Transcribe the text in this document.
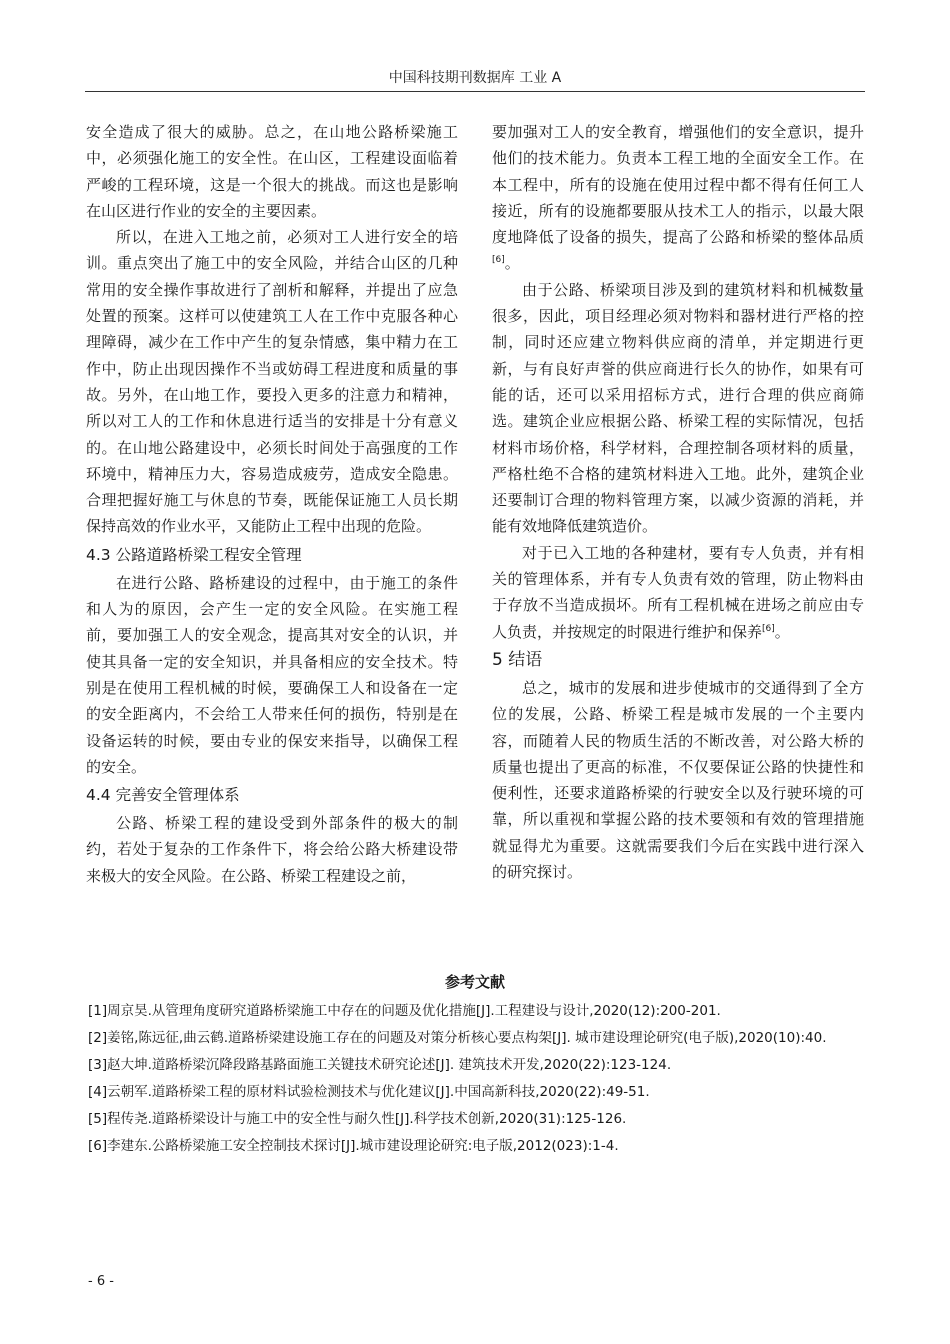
中国科技期刊数据库 工业 A

安全造成了很大的威胁。总之，在山地公路桥梁施工中，必须强化施工的安全性。在山区，工程建设面临着严峻的工程环境，这是一个很大的挑战。而这也是影响在山区进行作业的安全的主要因素。

所以，在进入工地之前，必须对工人进行安全的培训。重点突出了施工中的安全风险，并结合山区的几种常用的安全操作事故进行了剖析和解释，并提出了应急处置的预案。这样可以使建筑工人在工作中克服各种心理障碍，减少在工作中产生的复杂情感，集中精力在工作中，防止出现因操作不当或妨碍工程进度和质量的事故。另外，在山地工作，要投入更多的注意力和精神，所以对工人的工作和休息进行适当的安排是十分有意义的。在山地公路建设中，必须长时间处于高强度的工作环境中，精神压力大，容易造成疲劳，造成安全隐患。合理把握好施工与休息的节奏，既能保证施工人员长期保持高效的作业水平，又能防止工程中出现的危险。

4.3 公路道路桥梁工程安全管理

在进行公路、路桥建设的过程中，由于施工的条件和人为的原因，会产生一定的安全风险。在实施工程前，要加强工人的安全观念，提高其对安全的认识，并使其具备一定的安全知识，并具备相应的安全技术。特别是在使用工程机械的时候，要确保工人和设备在一定的安全距离内，不会给工人带来任何的损伤，特别是在设备运转的时候，要由专业的保安来指导，以确保工程的安全。

4.4 完善安全管理体系

公路、桥梁工程的建设受到外部条件的极大的制约，若处于复杂的工作条件下，将会给公路大桥建设带来极大的安全风险。在公路、桥梁工程建设之前，

要加强对工人的安全教育，增强他们的安全意识，提升他们的技术能力。负责本工程工地的全面安全工作。在本工程中，所有的设施在使用过程中都不得有任何工人接近，所有的设施都要服从技术工人的指示，以最大限度地降低了设备的损失，提高了公路和桥梁的整体品质[6]。

由于公路、桥梁项目涉及到的建筑材料和机械数量很多，因此，项目经理必须对物料和器材进行严格的控制，同时还应建立物料供应商的清单，并定期进行更新，与有良好声誉的供应商进行长久的协作，如果有可能的话，还可以采用招标方式，进行合理的供应商筛选。建筑企业应根据公路、桥梁工程的实际情况，包括材料市场价格，科学材料，合理控制各项材料的质量，严格杜绝不合格的建筑材料进入工地。此外，建筑企业还要制订合理的物料管理方案，以减少资源的消耗，并能有效地降低建筑造价。

对于已入工地的各种建材，要有专人负责，并有相关的管理体系，并有专人负责有效的管理，防止物料由于存放不当造成损坏。所有工程机械在进场之前应由专人负责，并按规定的时限进行维护和保养[6]。

5 结语

总之，城市的发展和进步使城市的交通得到了全方位的发展，公路、桥梁工程是城市发展的一个主要内容，而随着人民的物质生活的不断改善，对公路大桥的质量也提出了更高的标准，不仅要保证公路的快捷性和便利性，还要求道路桥梁的行驶安全以及行驶环境的可靠，所以重视和掌握公路的技术要领和有效的管理措施就显得尤为重要。这就需要我们今后在实践中进行深入的研究探讨。

参考文献

[1]周京昊.从管理角度研究道路桥梁施工中存在的问题及优化措施[J].工程建设与设计,2020(12):200-201.

[2]姜铭,陈远征,曲云鹤.道路桥梁建设施工存在的问题及对策分析核心要点构架[J]. 城市建设理论研究(电子版),2020(10):40.

[3]赵大坤.道路桥梁沉降段路基路面施工关键技术研究论述[J]. 建筑技术开发,2020(22):123-124.

[4]云朝军.道路桥梁工程的原材料试验检测技术与优化建议[J].中国高新科技,2020(22):49-51.

[5]程传尧.道路桥梁设计与施工中的安全性与耐久性[J].科学技术创新,2020(31):125-126.

[6]李建东.公路桥梁施工安全控制技术探讨[J].城市建设理论研究:电子版,2012(023):1-4.

- 6 -
